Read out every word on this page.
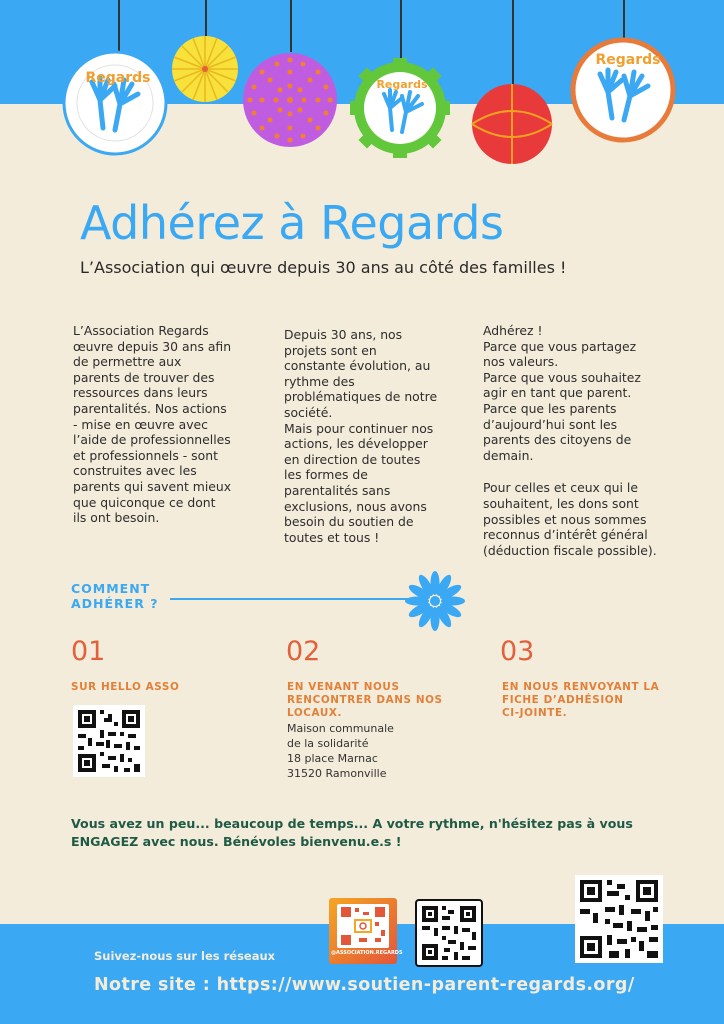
Regards	Regards
Regards
Adhérez à Regards

L’Association qui œuvre depuis 30 ans au côté des familles !

L’Association Regards

œuvre depuis 30 ans afin

de permettre aux

parents de trouver des

ressources dans leurs

parentalités. Nos actions

- mise en œuvre avec

l’aide de professionnelles

et professionnels - sont

construites avec les

parents qui savent mieux

que quiconque ce dont

ils ont besoin.

Depuis 30 ans, nos

projets sont en

constante évolution, au

rythme des

problématiques de notre

société.

Mais pour continuer nos

actions, les développer

en direction de toutes

les formes de

parentalités sans

exclusions, nous avons

besoin du soutien de

toutes et tous !

Adhérez !

Parce que vous partagez

nos valeurs.

Parce que vous souhaitez

agir en tant que parent.

Parce que les parents

d’aujourd’hui sont les

parents des citoyens de

demain.

Pour celles et ceux qui le

souhaitent, les dons sont

possibles et nous sommes

reconnus d’intérêt général

(déduction fiscale possible).

COMMENT
ADHÉRER ?
01	02	03
SUR HELLO ASSO	EN VENANT NOUS
RENCONTRER DANS NOS
LOCAUX.
EN NOUS RENVOYANT LA
FICHE D’ADHÉSION
CI-JOINTE.
Maison communale
de la solidarité
18 place Marnac
31520 Ramonville
@ASSOCIATION.REGARDS
Vous avez un peu... beaucoup de temps... A votre rythme, n'hésitez pas à vous
ENGAGEZ avec nous. Bénévoles bienvenu.e.s !
Suivez-nous sur les réseaux
Notre site : https://www.soutien-parent-regards.org/
